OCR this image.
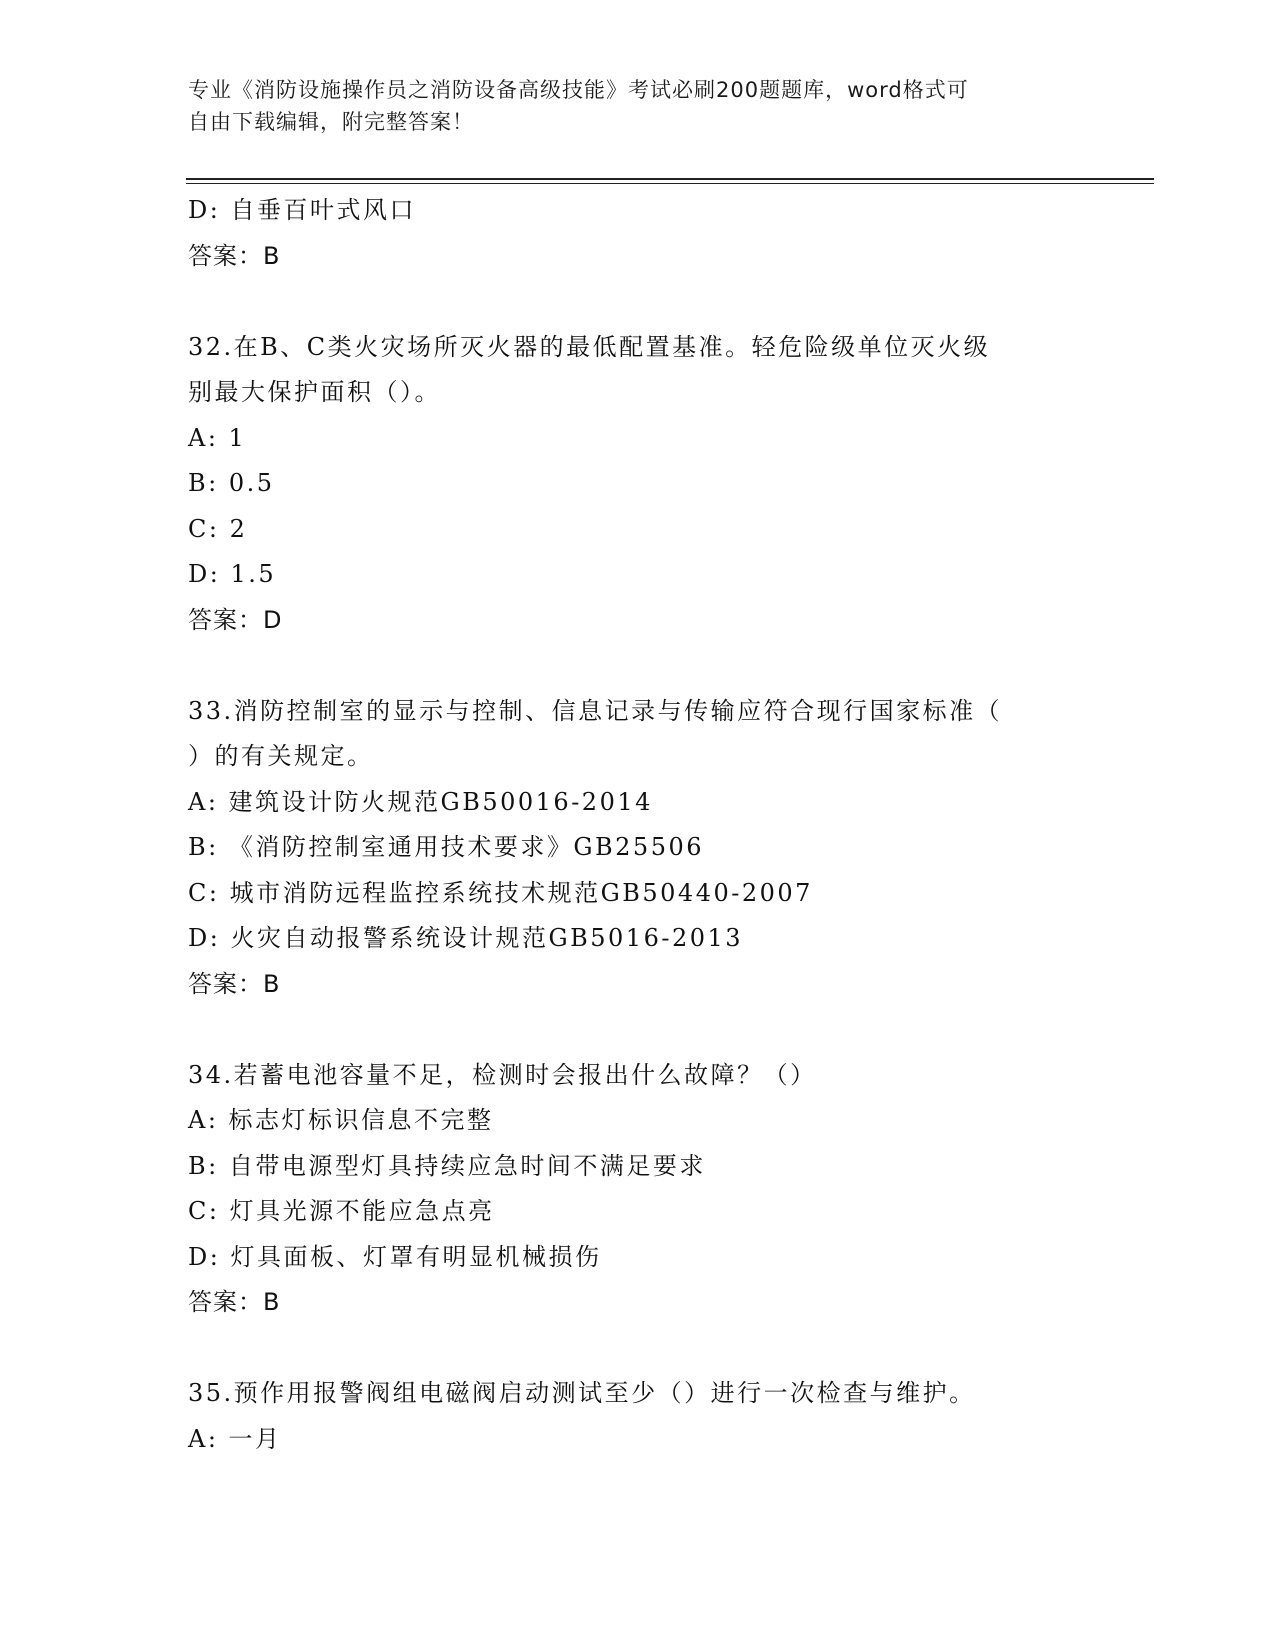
专业《消防设施操作员之消防设备高级技能》考试必刷200题题库，word格式可
自由下载编辑，附完整答案！
D: 自垂百叶式风口
答案：B
32.在B、C类火灾场所灭火器的最低配置基准。轻危险级单位灭火级
别最大保护面积（）。
A: 1
B: 0.5
C: 2
D: 1.5
答案：D
33.消防控制室的显示与控制、信息记录与传输应符合现行国家标准（
）的有关规定。
A: 建筑设计防火规范GB50016-2014
B: 《消防控制室通用技术要求》GB25506
C: 城市消防远程监控系统技术规范GB50440-2007
D: 火灾自动报警系统设计规范GB5016-2013
答案：B
34.若蓄电池容量不足，检测时会报出什么故障？（）
A: 标志灯标识信息不完整
B: 自带电源型灯具持续应急时间不满足要求
C: 灯具光源不能应急点亮
D: 灯具面板、灯罩有明显机械损伤
答案：B
35.预作用报警阀组电磁阀启动测试至少（）进行一次检查与维护。
A: 一月
